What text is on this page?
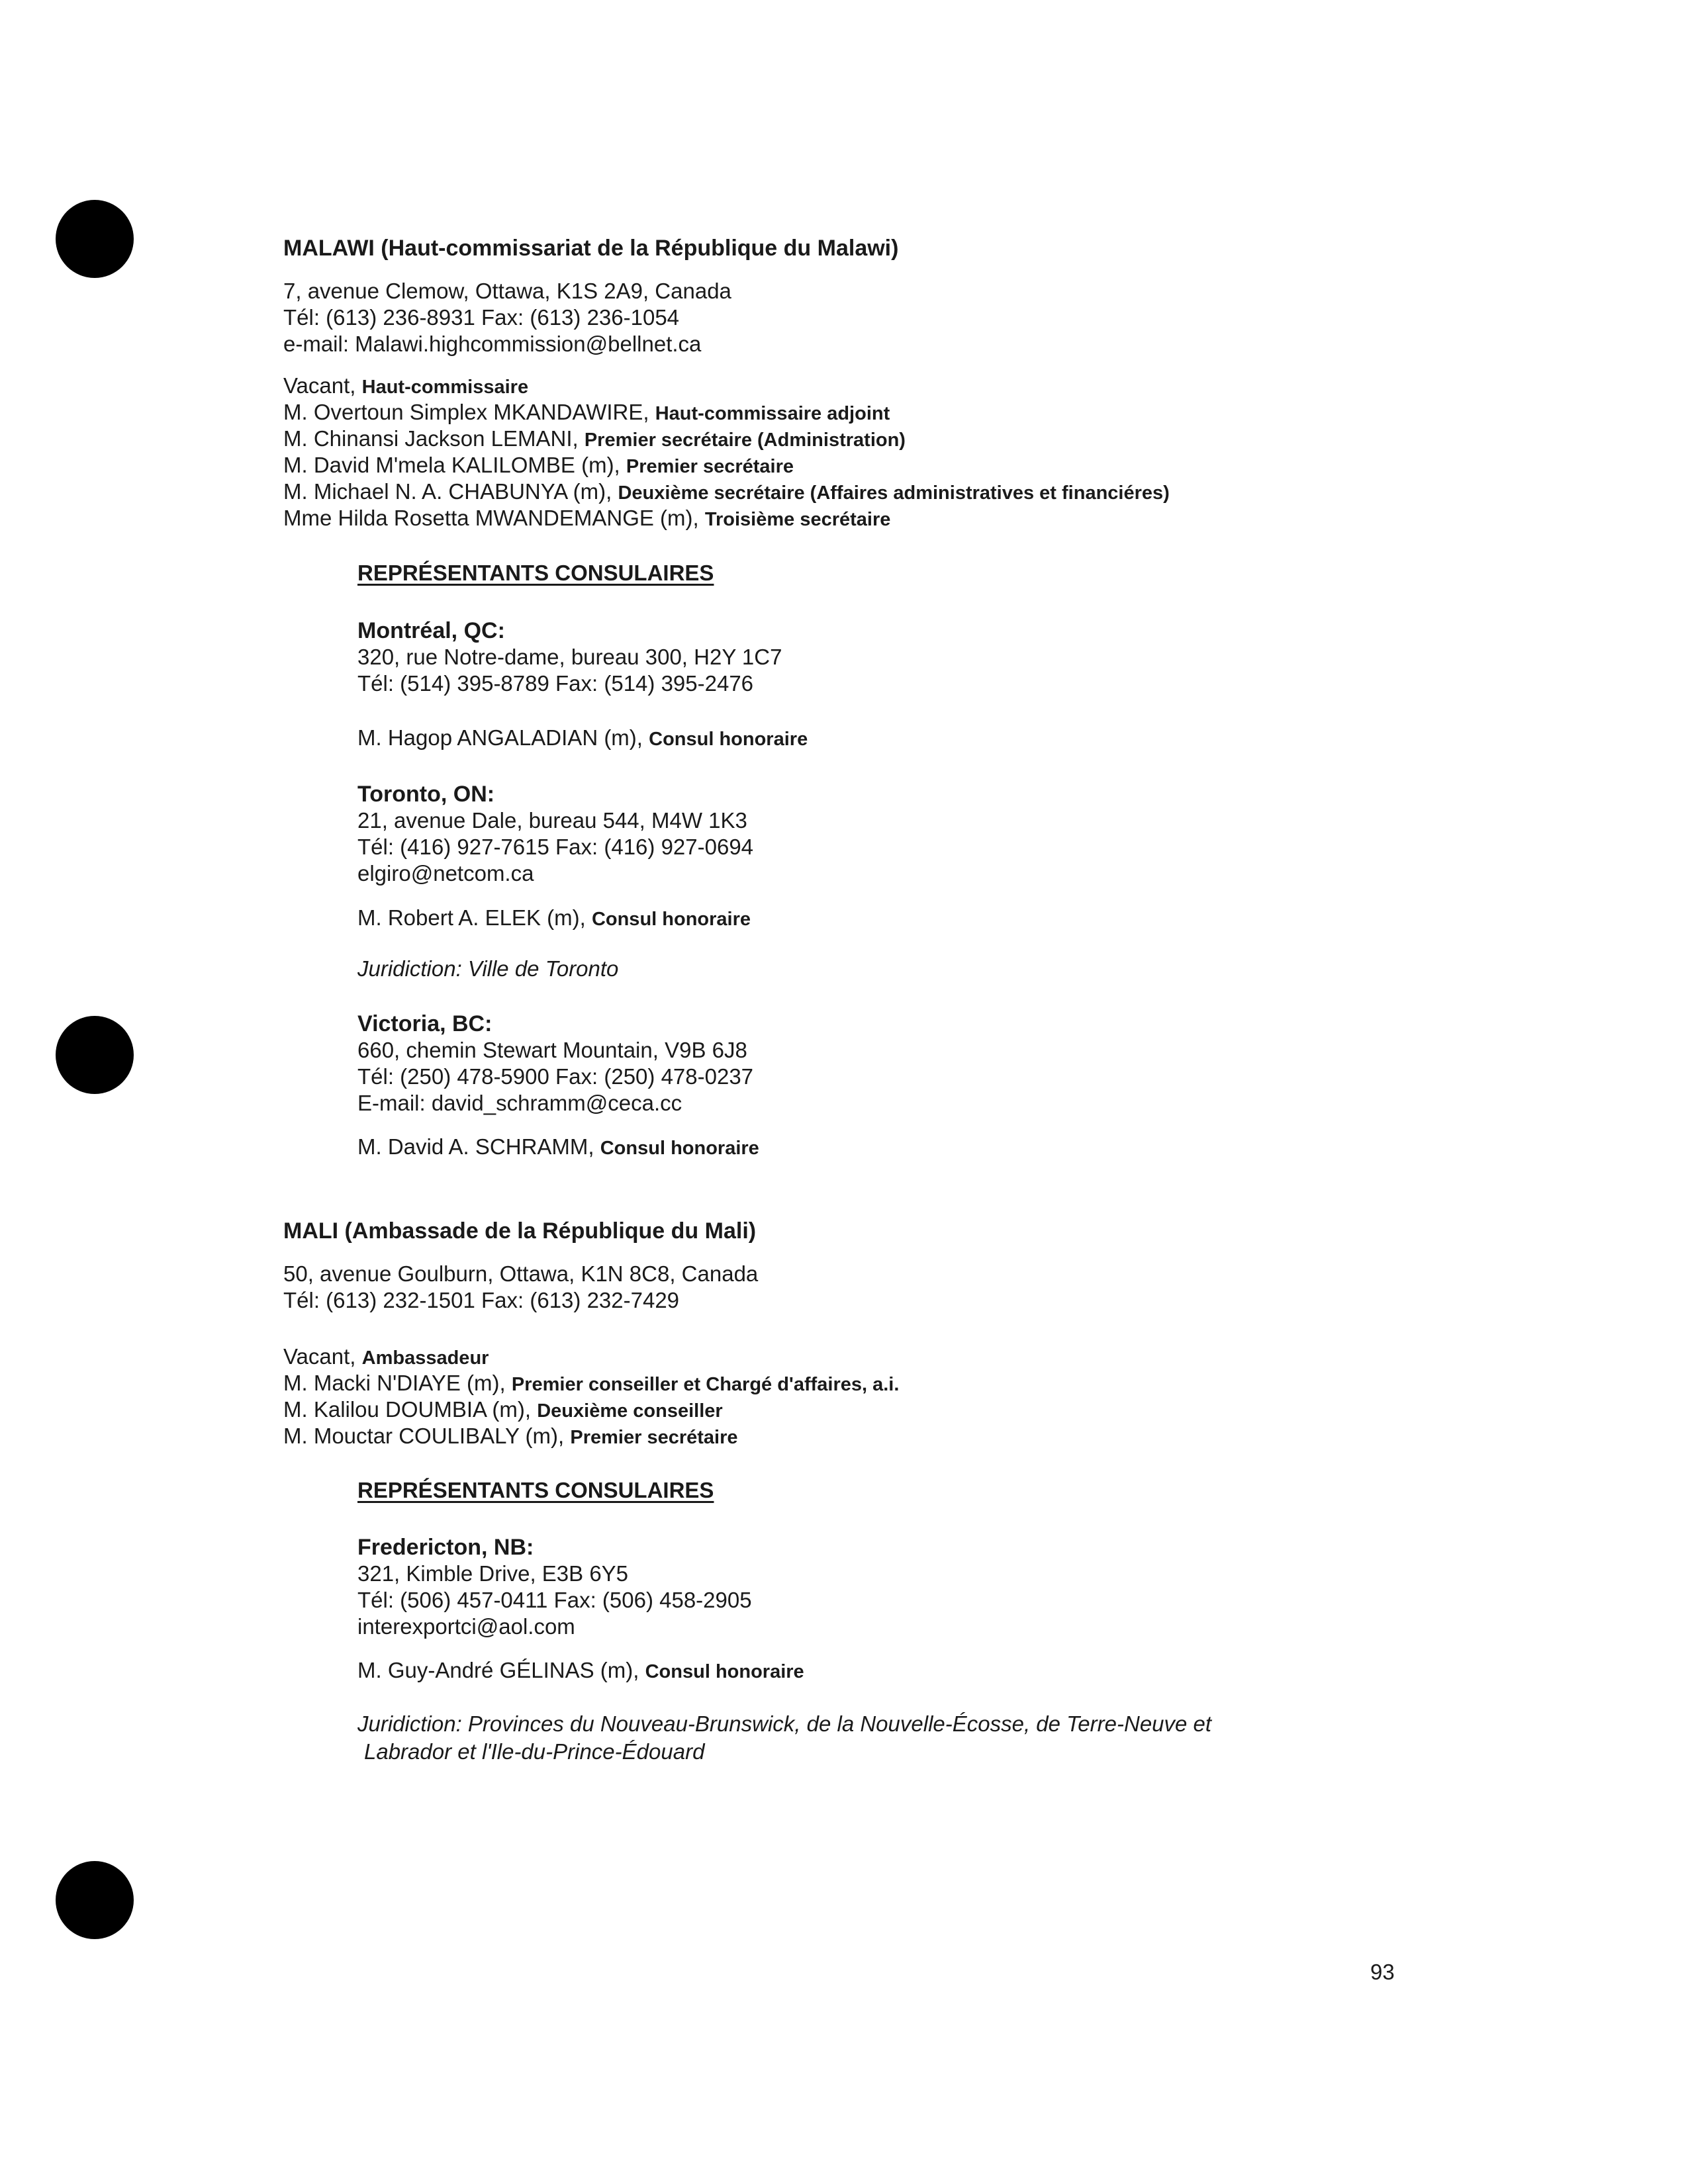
MALAWI (Haut-commissariat de la République du Malawi)
7, avenue Clemow, Ottawa, K1S 2A9, Canada
Tél: (613) 236-8931 Fax: (613) 236-1054
e-mail: Malawi.highcommission@bellnet.ca
Vacant, Haut-commissaire
M. Overtoun Simplex MKANDAWIRE, Haut-commissaire adjoint
M. Chinansi Jackson LEMANI, Premier secrétaire (Administration)
M. David M'mela KALILOMBE (m), Premier secrétaire
M. Michael N. A. CHABUNYA (m), Deuxième secrétaire (Affaires administratives et financiéres)
Mme Hilda Rosetta MWANDEMANGE (m), Troisième secrétaire
REPRÉSENTANTS CONSULAIRES
Montréal, QC:
320, rue Notre-dame, bureau 300, H2Y 1C7
Tél: (514) 395-8789 Fax: (514) 395-2476
M. Hagop ANGALADIAN (m), Consul honoraire
Toronto, ON:
21, avenue Dale, bureau 544, M4W 1K3
Tél: (416) 927-7615 Fax: (416) 927-0694
elgiro@netcom.ca
M. Robert A. ELEK (m), Consul honoraire
Juridiction: Ville de Toronto
Victoria, BC:
660, chemin Stewart Mountain, V9B 6J8
Tél: (250) 478-5900 Fax: (250) 478-0237
E-mail: david_schramm@ceca.cc
M. David A. SCHRAMM, Consul honoraire
MALI (Ambassade de la République du Mali)
50, avenue Goulburn, Ottawa, K1N 8C8, Canada
Tél: (613) 232-1501 Fax: (613) 232-7429
Vacant, Ambassadeur
M. Macki N'DIAYE (m), Premier conseiller et Chargé d'affaires, a.i.
M. Kalilou DOUMBIA (m), Deuxième conseiller
M. Mouctar COULIBALY (m), Premier secrétaire
REPRÉSENTANTS CONSULAIRES
Fredericton, NB:
321, Kimble Drive, E3B 6Y5
Tél: (506) 457-0411 Fax: (506) 458-2905
interexportci@aol.com
M. Guy-André GÉLINAS (m), Consul honoraire
Juridiction: Provinces du Nouveau-Brunswick, de la Nouvelle-Écosse, de Terre-Neuve et
Labrador et l'Ile-du-Prince-Édouard
93
